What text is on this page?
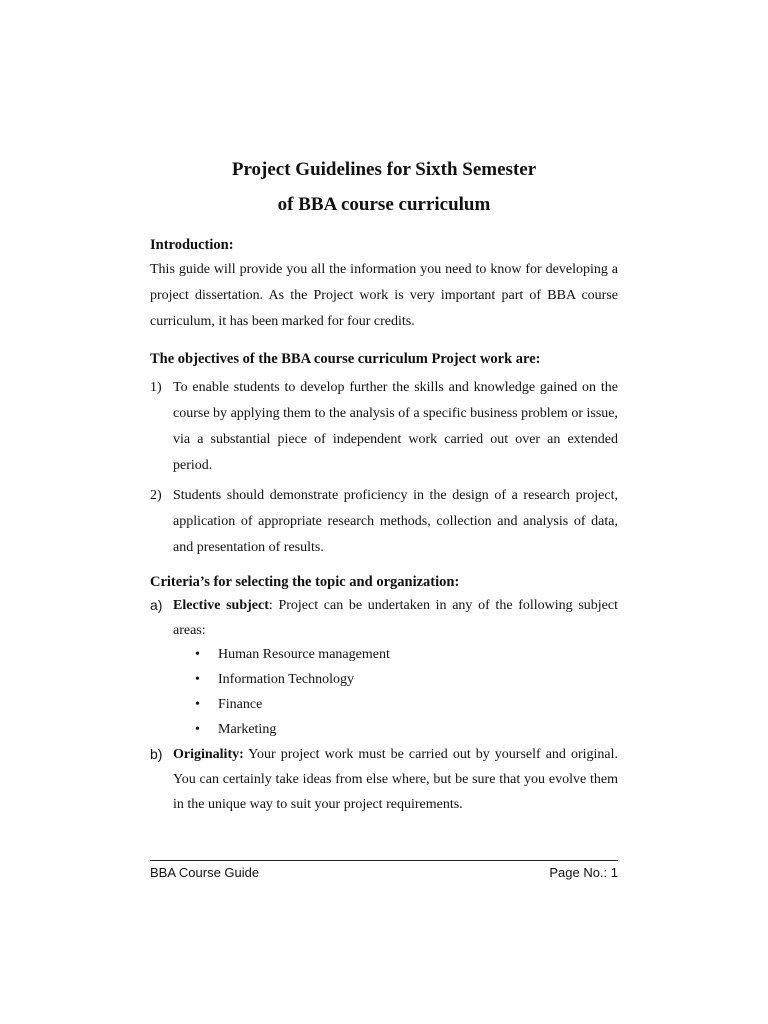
Project Guidelines for Sixth Semester
of BBA course curriculum

Introduction:

This guide will provide you all the information you need to know for developing a project dissertation. As the Project work is very important part of BBA course curriculum, it has been marked for four credits.

The objectives of the BBA course curriculum Project work are:

1) To enable students to develop further the skills and knowledge gained on the course by applying them to the analysis of a specific business problem or issue, via a substantial piece of independent work carried out over an extended period.
2) Students should demonstrate proficiency in the design of a research project, application of appropriate research methods, collection and analysis of data, and presentation of results.

Criteria’s for selecting the topic and organization:

a) Elective subject: Project can be undertaken in any of the following subject areas:
• Human Resource management
• Information Technology
• Finance
• Marketing
b) Originality: Your project work must be carried out by yourself and original. You can certainly take ideas from else where, but be sure that you evolve them in the unique way to suit your project requirements.
BBA Course Guide	Page No.: 1
